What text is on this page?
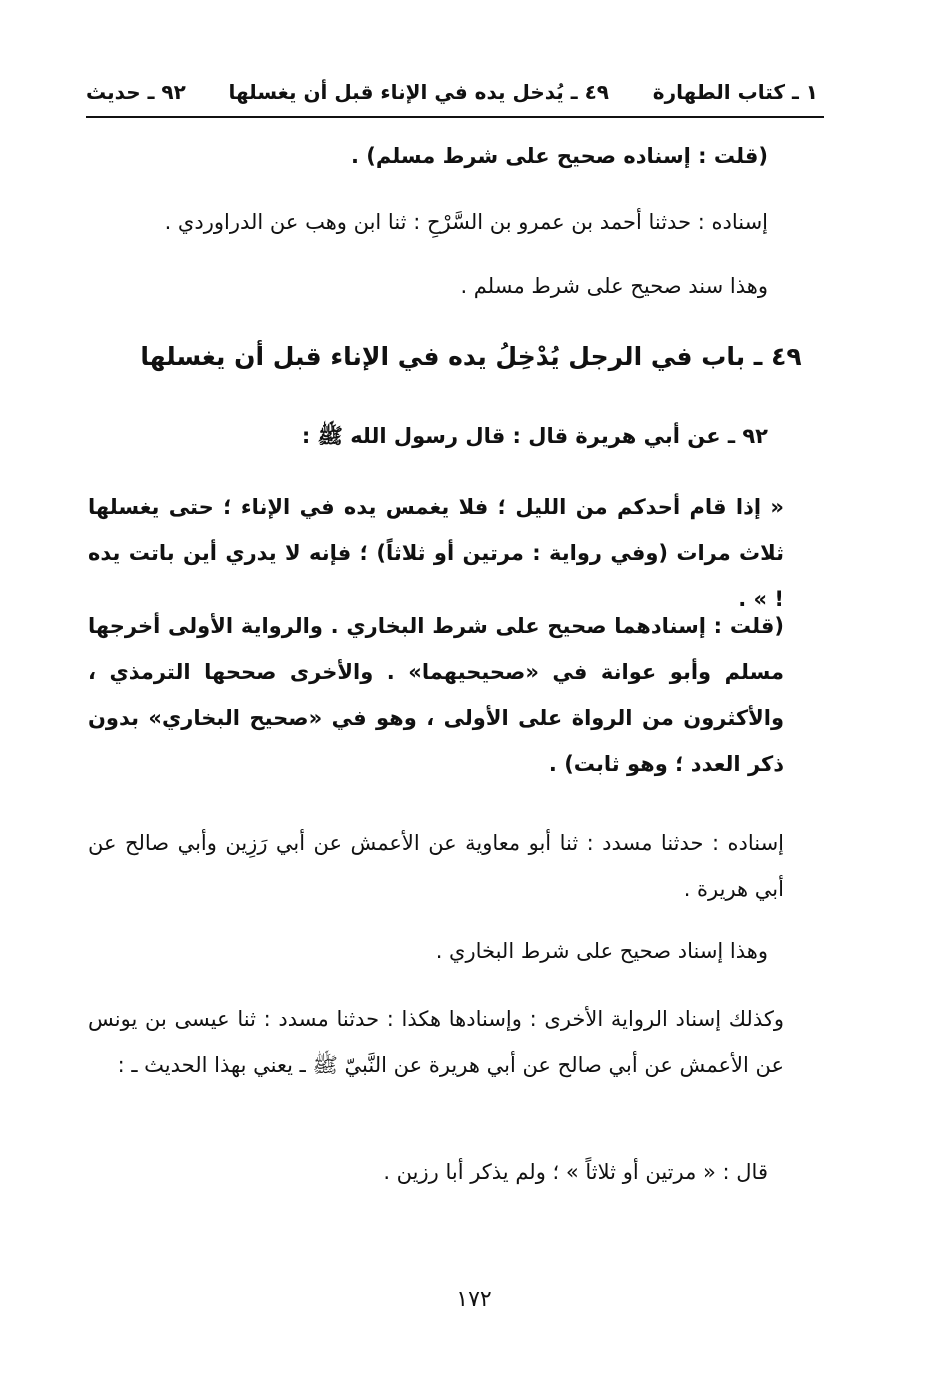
١ ـ كتاب الطهارة
٤٩ ـ يُدخل يده في الإناء قبل أن يغسلها
٩٢ ـ حديث
(قلت : إسناده صحيح على شرط مسلم) .
إسناده : حدثنا أحمد بن عمرو بن السَّرْحِ : ثنا ابن وهب عن الدراوردي .
وهذا سند صحيح على شرط مسلم .
٤٩ ـ باب في الرجل يُدْخِلُ يده في الإناء قبل أن يغسلها
٩٢ ـ عن أبي هريرة قال : قال رسول الله ﷺ :
« إذا قام أحدكم من الليل ؛ فلا يغمس يده في الإناء ؛ حتى يغسلها ثلاث مرات (وفي رواية : مرتين أو ثلاثاً) ؛ فإنه لا يدري أين باتت يده ! » .
(قلت : إسنادهما صحيح على شرط البخاري . والرواية الأولى أخرجها مسلم وأبو عوانة في «صحيحيهما» . والأخرى صححها الترمذي ، والأكثرون من الرواة على الأولى ، وهو في «صحيح البخاري» بدون ذكر العدد ؛ وهو ثابت) .
إسناده : حدثنا مسدد : ثنا أبو معاوية عن الأعمش عن أبي رَزِين وأبي صالح عن أبي هريرة .
وهذا إسناد صحيح على شرط البخاري .
وكذلك إسناد الرواية الأخرى : وإسنادها هكذا : حدثنا مسدد : ثنا عيسى بن يونس عن الأعمش عن أبي صالح عن أبي هريرة عن النَّبيّ ﷺ ـ يعني بهذا الحديث ـ :
قال : « مرتين أو ثلاثاً » ؛ ولم يذكر أبا رزين .
١٧٢
